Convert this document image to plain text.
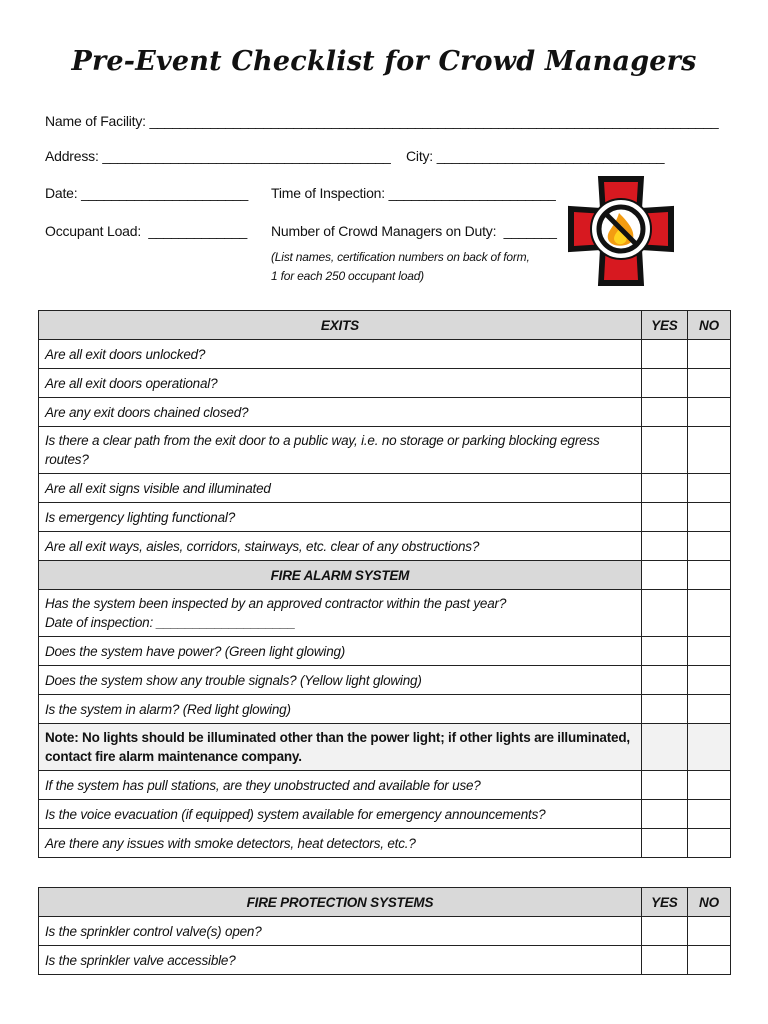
Pre-Event Checklist for Crowd Managers
Name of Facility: ___________________________________________________________________________
Address: ______________________________________ City: ______________________________
Date: ______________________ Time of Inspection: ______________________
Occupant Load:  _____________ Number of Crowd Managers on Duty:  _______
(List names, certification numbers on back of form,
1 for each 250 occupant load)
EXITS	YES	NO
Are all exit doors unlocked?		
Are all exit doors operational?		
Are any exit doors chained closed?		
Is there a clear path from the exit door to a public way, i.e. no storage or parking blocking egress routes?		
Are all exit signs visible and illuminated		
Is emergency lighting functional?		
Are all exit ways, aisles, corridors, stairways, etc. clear of any obstructions?		
FIRE ALARM SYSTEM		

Has the system been inspected by an approved contractor within the past year?
Date of inspection: ___________________		

Does the system have power? (Green light glowing)		
Does the system show any trouble signals? (Yellow light glowing)		
Is the system in alarm? (Red light glowing)		
Note: No lights should be illuminated other than the power light; if other lights are illuminated, contact fire alarm maintenance company.		
If the system has pull stations, are they unobstructed and available for use?		
Is the voice evacuation (if equipped) system available for emergency announcements?		
Are there any issues with smoke detectors, heat detectors, etc.?		
FIRE PROTECTION SYSTEMS	YES	NO
Is the sprinkler control valve(s) open?		
Is the sprinkler valve accessible?		
